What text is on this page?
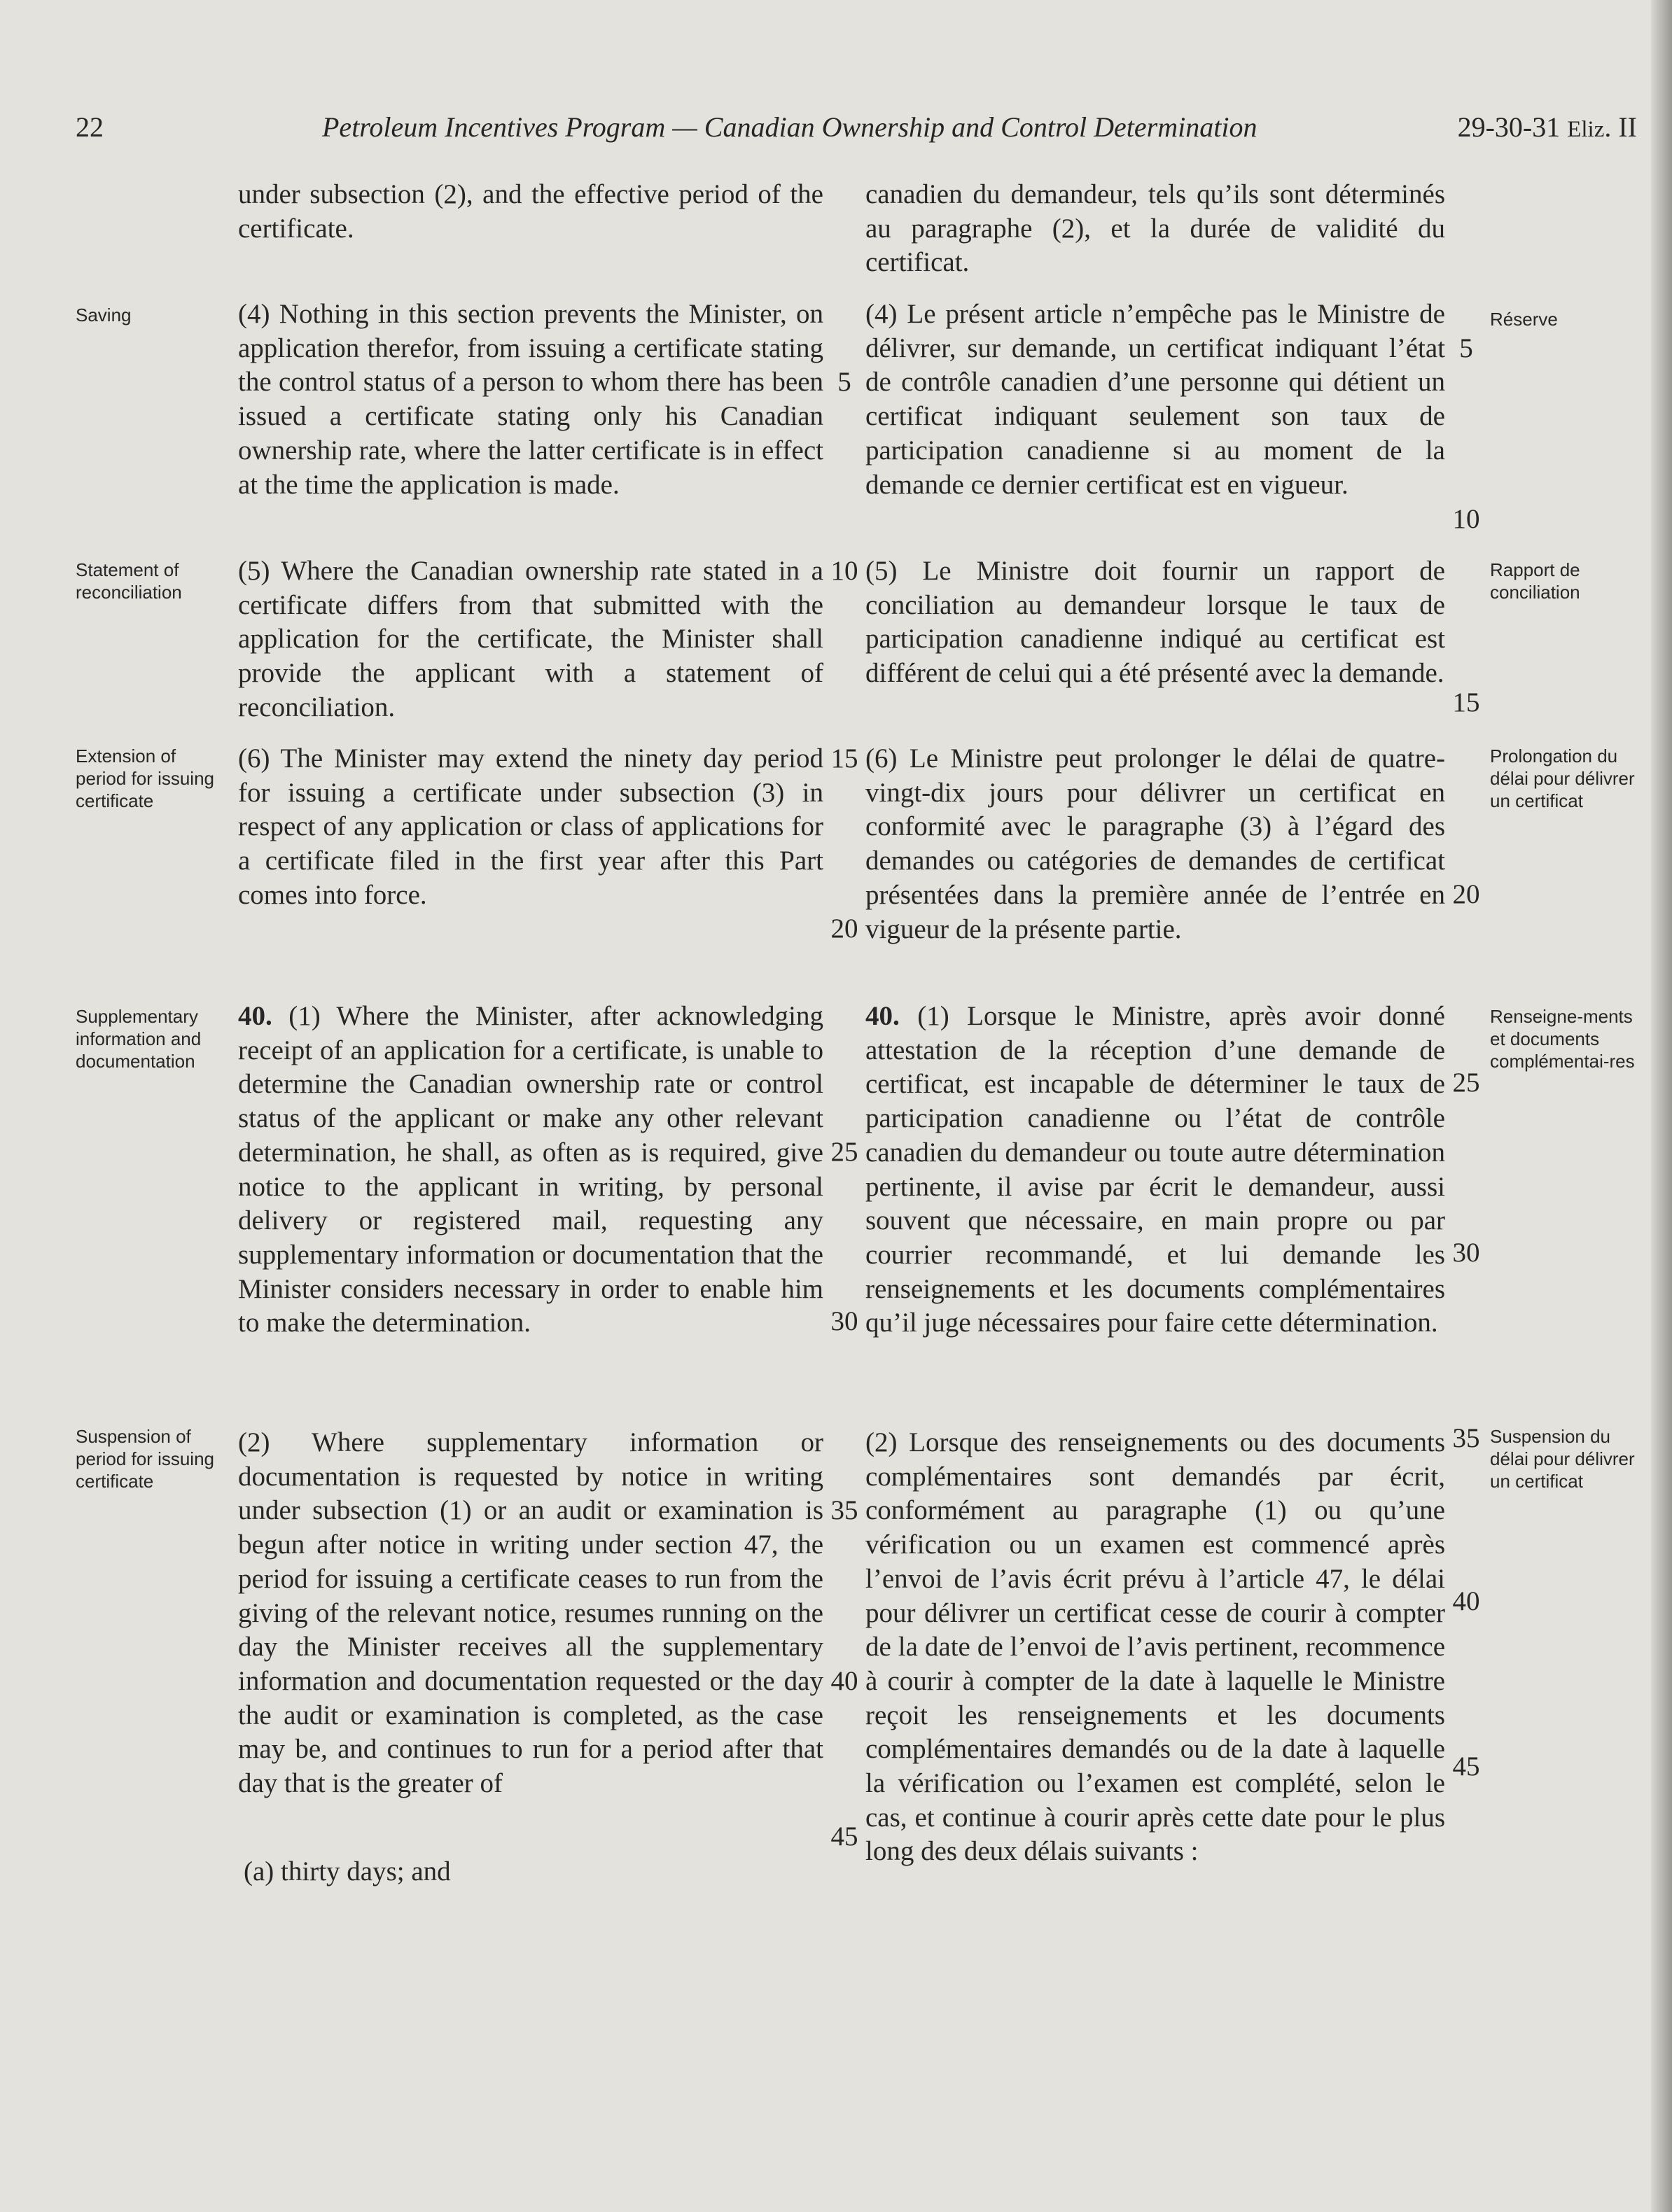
22	Petroleum Incentives Program — Canadian Ownership and Control Determination	29-30-31 Eliz. II

under subsection (2), and the effective period of the certificate.

(4) Nothing in this section prevents the Minister, on application therefor, from issuing a certificate stating the control status of a person to whom there has been issued a certificate stating only his Canadian ownership rate, where the latter certificate is in effect at the time the application is made.

(5) Where the Canadian ownership rate stated in a certificate differs from that submitted with the application for the certificate, the Minister shall provide the applicant with a statement of reconciliation.

(6) The Minister may extend the ninety day period for issuing a certificate under subsection (3) in respect of any application or class of applications for a certificate filed in the first year after this Part comes into force.

40. (1) Where the Minister, after acknowledging receipt of an application for a certificate, is unable to determine the Canadian ownership rate or control status of the applicant or make any other relevant determination, he shall, as often as is required, give notice to the applicant in writing, by personal delivery or registered mail, requesting any supplementary information or documentation that the Minister considers necessary in order to enable him to make the determination.

(2) Where supplementary information or documentation is requested by notice in writing under subsection (1) or an audit or examination is begun after notice in writing under section 47, the period for issuing a certificate ceases to run from the giving of the relevant notice, resumes running on the day the Minister receives all the supplementary information and documentation requested or the day the audit or examination is completed, as the case may be, and continues to run for a period after that day that is the greater of

(a) thirty days; and

canadien du demandeur, tels qu’ils sont déterminés au paragraphe (2), et la durée de validité du certificat.

(4) Le présent article n’empêche pas le Ministre de délivrer, sur demande, un certificat indiquant l’état de contrôle canadien d’une personne qui détient un certificat indiquant seulement son taux de participation canadienne si au moment de la demande ce dernier certificat est en vigueur.

(5) Le Ministre doit fournir un rapport de conciliation au demandeur lorsque le taux de participation canadienne indiqué au certificat est différent de celui qui a été présenté avec la demande.

(6) Le Ministre peut prolonger le délai de quatre-vingt-dix jours pour délivrer un certificat en conformité avec le paragraphe (3) à l’égard des demandes ou catégories de demandes de certificat présentées dans la première année de l’entrée en vigueur de la présente partie.

40. (1) Lorsque le Ministre, après avoir donné attestation de la réception d’une demande de certificat, est incapable de déterminer le taux de participation canadienne ou l’état de contrôle canadien du demandeur ou toute autre détermination pertinente, il avise par écrit le demandeur, aussi souvent que nécessaire, en main propre ou par courrier recommandé, et lui demande les renseignements et les documents complémentaires qu’il juge nécessaires pour faire cette détermination.

(2) Lorsque des renseignements ou des documents complémentaires sont demandés par écrit, conformément au paragraphe (1) ou qu’une vérification ou un examen est commencé après l’envoi de l’avis écrit prévu à l’article 47, le délai pour délivrer un certificat cesse de courir à compter de la date de l’envoi de l’avis pertinent, recommence à courir à compter de la date à laquelle le Ministre reçoit les renseignements et les documents complémentaires demandés ou de la date à laquelle la vérification ou l’examen est complété, selon le cas, et continue à courir après cette date pour le plus long des deux délais suivants :

Saving
Statement of reconciliation
Extension of period for issuing certificate
Supplementary information and documentation
Suspension of period for issuing certificate
Réserve
Rapport de conciliation
Prolongation du délai pour délivrer un certificat
Renseigne-ments et documents complémentai-res
Suspension du délai pour délivrer un certificat
5
10
15
20
25
30
35
40
45
5
10
15
20
25
30
35
40
45
